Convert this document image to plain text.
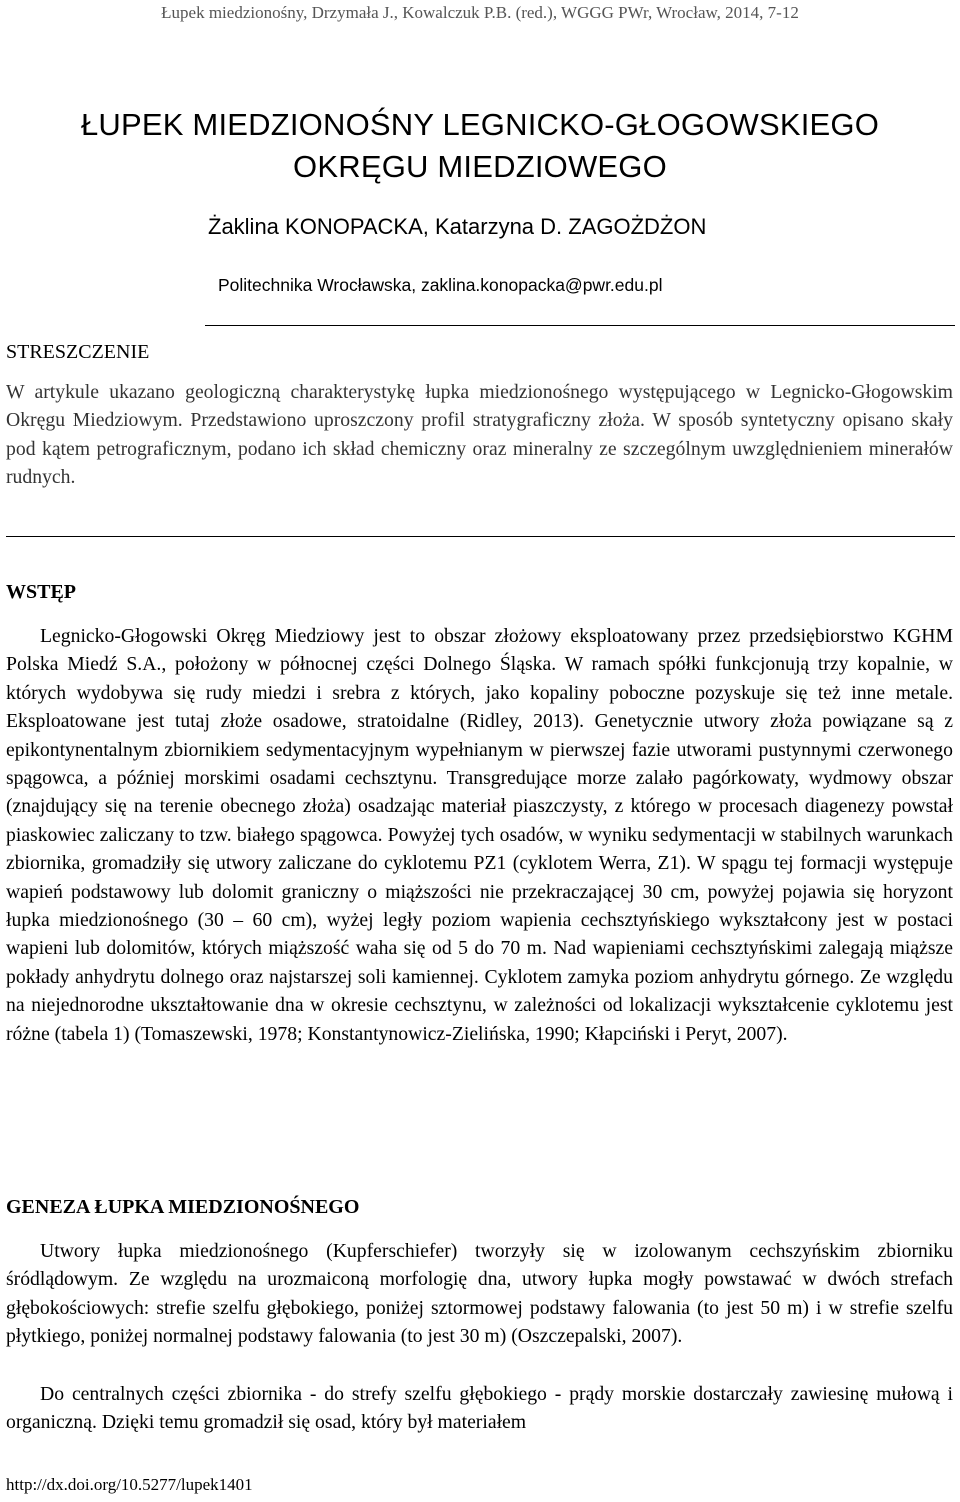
Łupek miedzionośny, Drzymała J., Kowalczuk P.B. (red.), WGGG PWr, Wrocław, 2014, 7-12
ŁUPEK MIEDZIONOŚNY LEGNICKO-GŁOGOWSKIEGO
OKRĘGU MIEDZIOWEGO
Żaklina KONOPACKA, Katarzyna D. ZAGOŻDŻON
Politechnika Wrocławska, zaklina.konopacka@pwr.edu.pl
STRESZCZENIE
W artykule ukazano geologiczną charakterystykę łupka miedzionośnego występującego w Legnicko-Głogowskim Okręgu Miedziowym. Przedstawiono uproszczony profil stratygraficzny złoża. W sposób syntetyczny opisano skały pod kątem petrograficznym, podano ich skład chemiczny oraz mineralny ze szczególnym uwzględnieniem minerałów rudnych.
WSTĘP
Legnicko-Głogowski Okręg Miedziowy jest to obszar złożowy eksploatowany przez przedsiębiorstwo KGHM Polska Miedź S.A., położony w północnej części Dolnego Śląska. W ramach spółki funkcjonują trzy kopalnie, w których wydobywa się rudy miedzi i srebra z których, jako kopaliny poboczne pozyskuje się też inne metale. Eksploatowane jest tutaj złoże osadowe, stratoidalne (Ridley, 2013). Genetycznie utwory złoża powiązane są z epikontynentalnym zbiornikiem sedymentacyjnym wypełnianym w pierwszej fazie utworami pustynnymi czerwonego spągowca, a później morskimi osadami cechsztynu. Transgredujące morze zalało pagórkowaty, wydmowy obszar (znajdujący się na terenie obecnego złoża) osadzając materiał piaszczysty, z którego w procesach diagenezy powstał piaskowiec zaliczany to tzw. białego spągowca. Powyżej tych osadów, w wyniku sedymentacji w stabilnych warunkach zbiornika, gromadziły się utwory zaliczane do cyklotemu PZ1 (cyklotem Werra, Z1). W spągu tej formacji występuje wapień podstawowy lub dolomit graniczny o miąższości nie przekraczającej 30 cm, powyżej pojawia się horyzont łupka miedzionośnego (30 – 60 cm), wyżej legły poziom wapienia cechsztyńskiego wykształcony jest w postaci wapieni lub dolomitów, których miąższość waha się od 5 do 70 m. Nad wapieniami cechsztyńskimi zalegają miąższe pokłady anhydrytu dolnego oraz najstarszej soli kamiennej. Cyklotem zamyka poziom anhydrytu górnego. Ze względu na niejednorodne ukształtowanie dna w okresie cechsztynu, w zależności od lokalizacji wykształcenie cyklotemu jest różne (tabela 1) (Tomaszewski, 1978; Konstantynowicz-Zielińska, 1990; Kłapciński i Peryt, 2007).
GENEZA ŁUPKA MIEDZIONOŚNEGO
Utwory łupka miedzionośnego (Kupferschiefer) tworzyły się w izolowanym cechszyńskim zbiorniku śródlądowym. Ze względu na urozmaiconą morfologię dna, utwory łupka mogły powstawać w dwóch strefach głębokościowych: strefie szelfu głębokiego, poniżej sztormowej podstawy falowania (to jest 50 m) i w strefie szelfu płytkiego, poniżej normalnej podstawy falowania (to jest 30 m) (Oszczepalski, 2007).
Do centralnych części zbiornika - do strefy szelfu głębokiego - prądy morskie dostarczały zawiesinę mułową i organiczną. Dzięki temu gromadził się osad, który był materiałem
http://dx.doi.org/10.5277/lupek1401
